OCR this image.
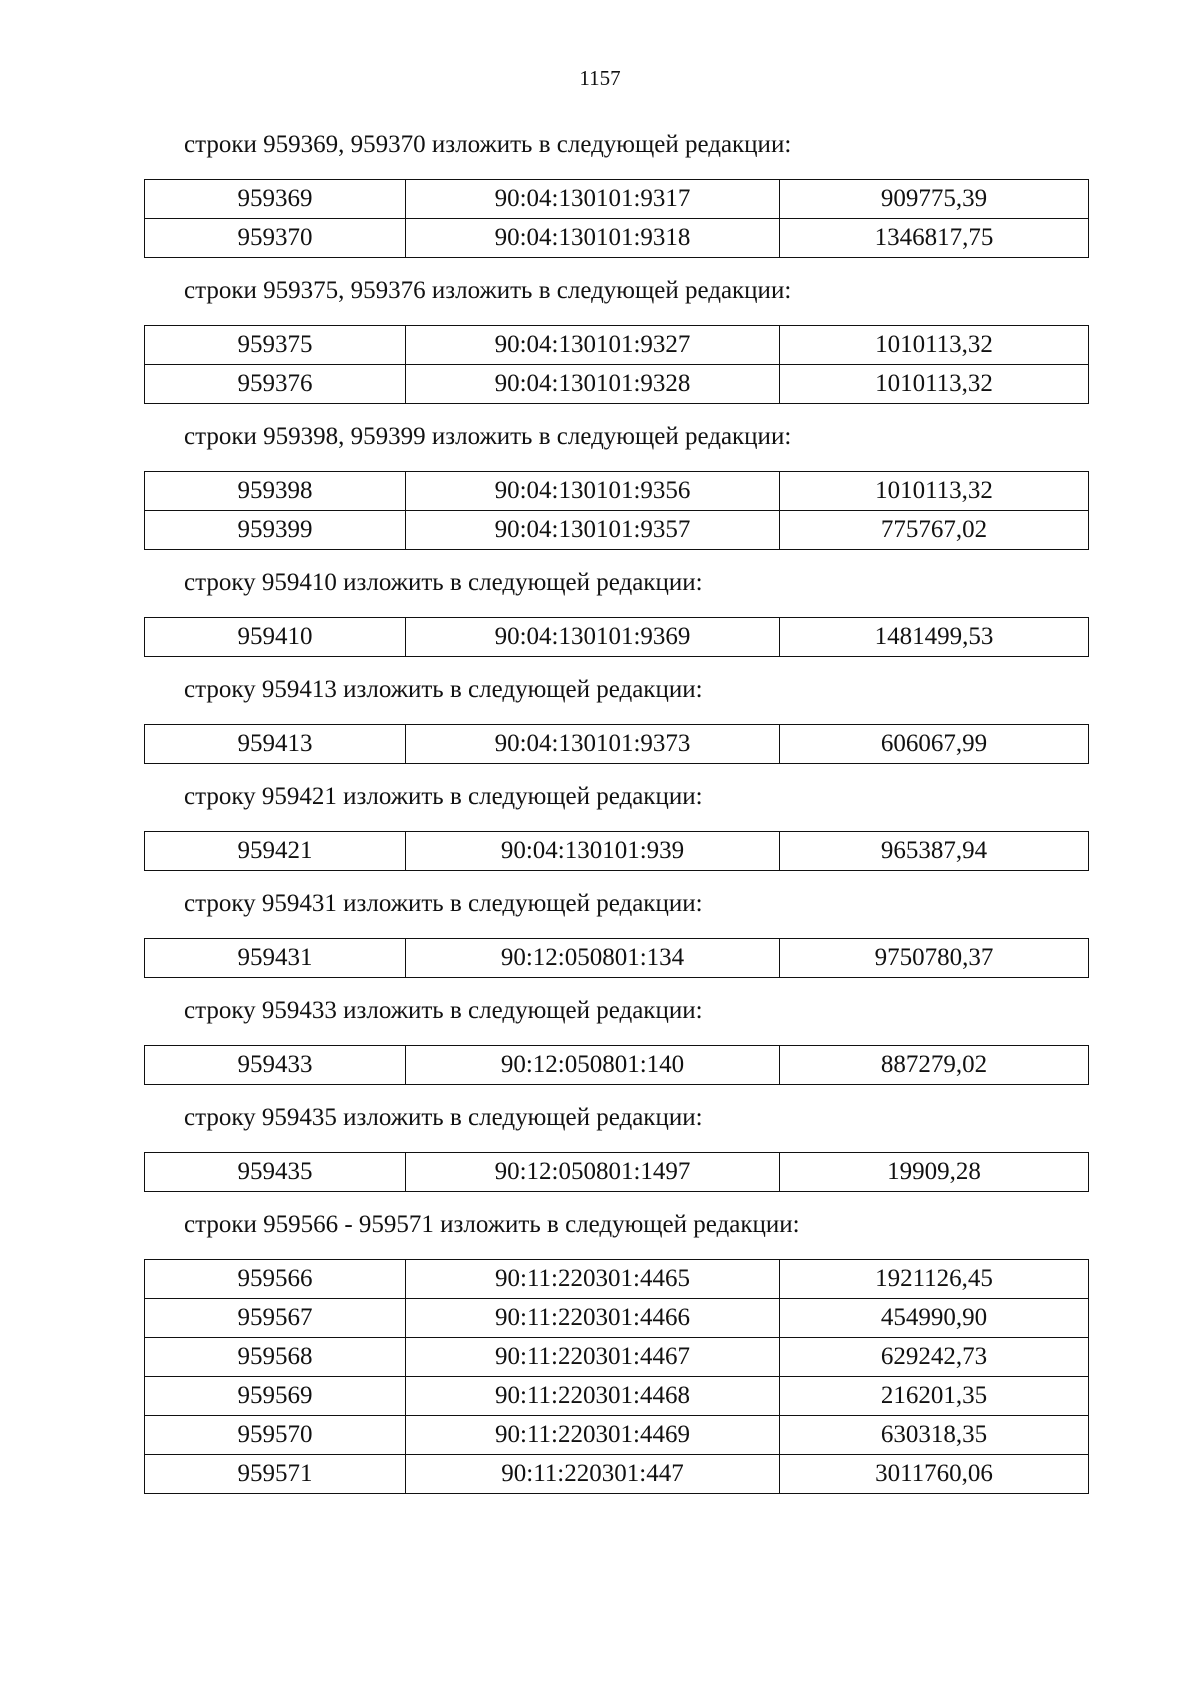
1157

строки 959369, 959370 изложить в следующей редакции:

959369	90:04:130101:9317	909775,39
959370	90:04:130101:9318	1346817,75

строки 959375, 959376 изложить в следующей редакции:

959375	90:04:130101:9327	1010113,32
959376	90:04:130101:9328	1010113,32

строки 959398, 959399 изложить в следующей редакции:

959398	90:04:130101:9356	1010113,32
959399	90:04:130101:9357	775767,02

строку 959410 изложить в следующей редакции:

959410	90:04:130101:9369	1481499,53

строку 959413 изложить в следующей редакции:

959413	90:04:130101:9373	606067,99

строку 959421 изложить в следующей редакции:

959421	90:04:130101:939	965387,94

строку 959431 изложить в следующей редакции:

959431	90:12:050801:134	9750780,37

строку 959433 изложить в следующей редакции:

959433	90:12:050801:140	887279,02

строку 959435 изложить в следующей редакции:

959435	90:12:050801:1497	19909,28

строки 959566 - 959571 изложить в следующей редакции:

959566	90:11:220301:4465	1921126,45
959567	90:11:220301:4466	454990,90
959568	90:11:220301:4467	629242,73
959569	90:11:220301:4468	216201,35
959570	90:11:220301:4469	630318,35
959571	90:11:220301:447	3011760,06
